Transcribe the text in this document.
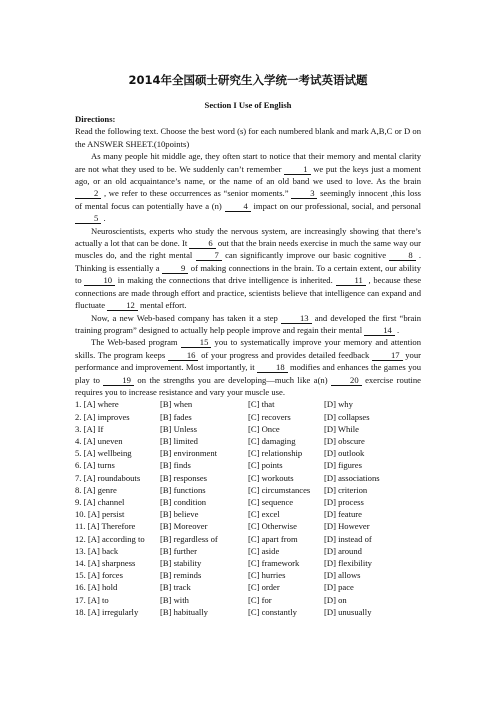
2014年全国硕士研究生入学统一考试英语试题
Section I Use of English
Directions:

Read the following text. Choose the best word (s) for each numbered blank and mark A,B,C or D on the ANSWER SHEET.(10points)

As many people hit middle age, they often start to notice that their memory and mental clarity are not what they used to be. We suddenly can’t remember 1 we put the keys just a moment ago, or an old acquaintance’s name, or the name of an old band we used to love. As the brain 2 , we refer to these occurrences as “senior moments.” 3 seemingly innocent ,this loss of mental focus can potentially have a (n) 4 impact on our professional, social, and personal 5 .

Neuroscientists, experts who study the nervous system, are increasingly showing that there’s actually a lot that can be done. It 6 out that the brain needs exercise in much the same way our muscles do, and the right mental 7 can significantly improve our basic cognitive 8 . Thinking is essentially a 9 of making connections in the brain. To a certain extent, our ability to 10 in making the connections that drive intelligence is inherited. 11 , because these connections are made through effort and practice, scientists believe that intelligence can expand and fluctuate 12 mental effort.

Now, a new Web-based company has taken it a step 13 and developed the first “brain training program” designed to actually help people improve and regain their mental 14 .

The Web-based program 15 you to systematically improve your memory and attention skills. The program keeps 16 of your progress and provides detailed feedback 17 your performance and improvement. Most importantly, it 18 modifies and enhances the games you play to 19 on the strengths you are developing—much like a(n) 20 exercise routine requires you to increase resistance and vary your muscle use.

1. [A] where	[B] when	[C] that	[D] why
2. [A] improves	[B] fades	[C] recovers	[D] collapses
3. [A] If	[B] Unless	[C] Once	[D] While
4. [A] uneven	[B] limited	[C] damaging	[D] obscure
5. [A] wellbeing	[B] environment	[C] relationship	[D] outlook
6. [A] turns	[B] finds	[C] points	[D] figures
7. [A] roundabouts	[B] responses	[C] workouts	[D] associations
8. [A] genre	[B] functions	[C] circumstances	[D] criterion
9. [A] channel	[B] condition	[C] sequence	[D] process
10. [A] persist	[B] believe	[C] excel	[D] feature
11. [A] Therefore	[B] Moreover	[C] Otherwise	[D] However
12. [A] according to	[B] regardless of	[C] apart from	[D] instead of
13. [A] back	[B] further	[C] aside	[D] around
14. [A] sharpness	[B] stability	[C] framework	[D] flexibility
15. [A] forces	[B] reminds	[C] hurries	[D] allows
16. [A] hold	[B] track	[C] order	[D] pace
17. [A] to	[B] with	[C] for	[D] on
18. [A] irregularly	[B] habitually	[C] constantly	[D] unusually
